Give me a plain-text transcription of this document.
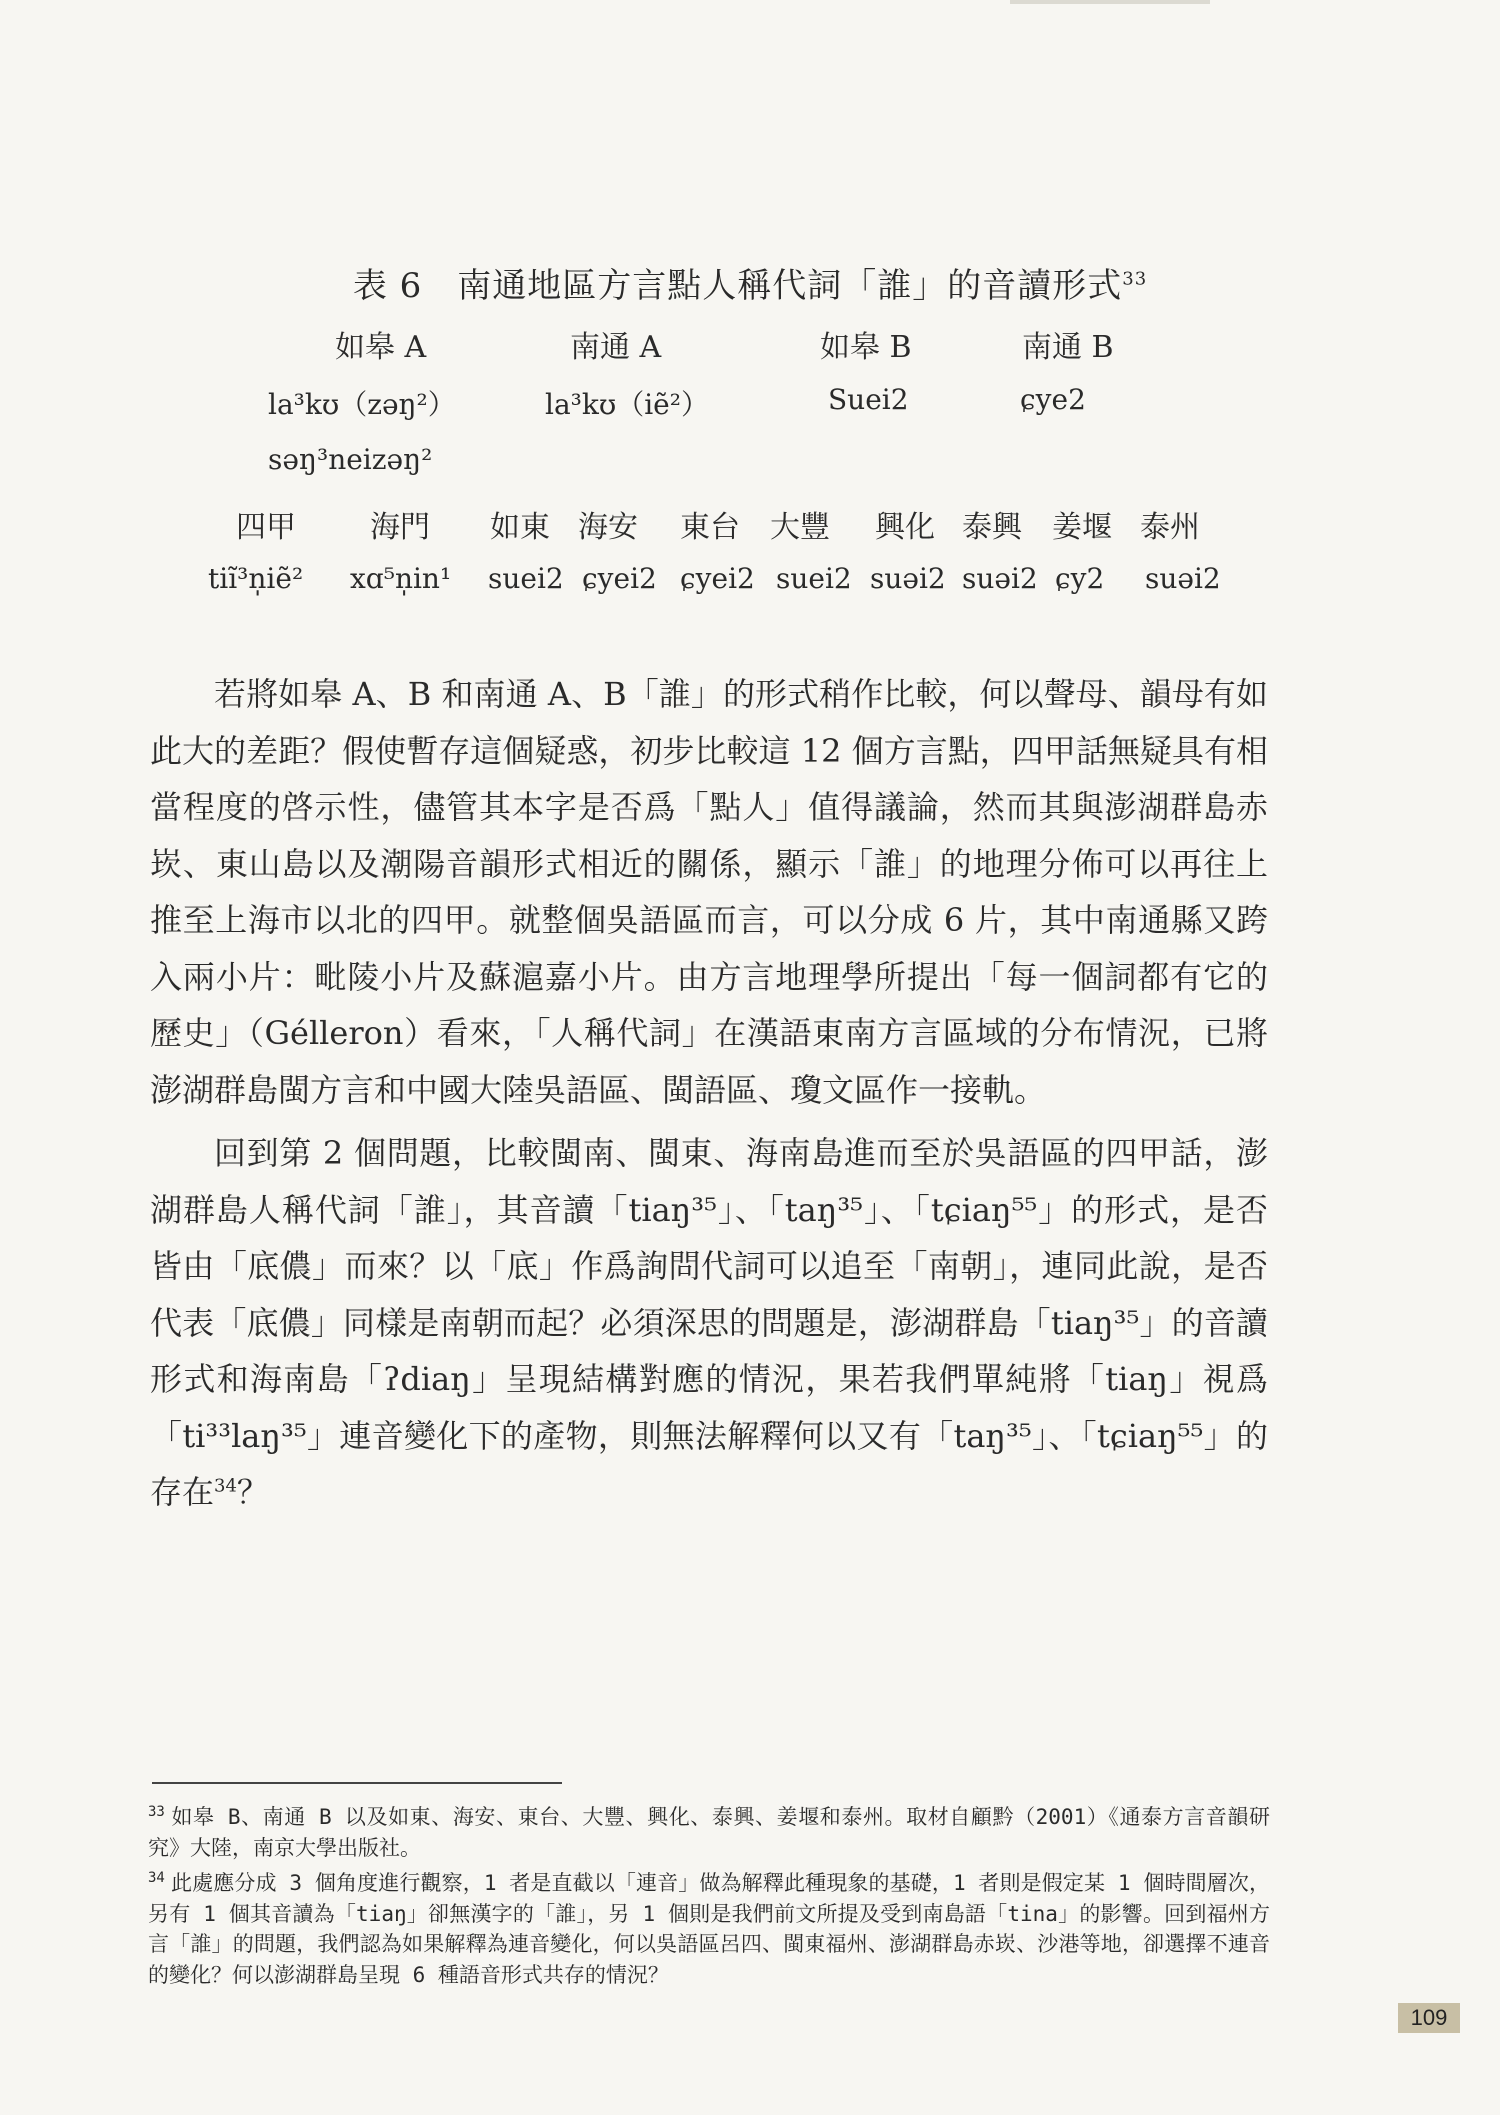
表 6　南通地區方言點人稱代詞「誰」的音讀形式$^{33}$
如皋 A	南通 A	如皋 B	南通 B
la³kʊ（zəŋ²）	la³kʊ（iẽ²）	Suei2	ɕye2
səŋ³neizəŋ²
四甲 海門 如東 海安 東台 大豐 興化 泰興 姜堰 泰州
tiĩ³n̩iẽ² xɑ⁵n̩in¹ suei2 ɕyei2 ɕyei2 suei2 suəi2 suəi2 ɕy2 suəi2

若將如皋 A、B 和南通 A、B「誰」的形式稍作比較，何以聲母、韻母有如此大的差距？假使暫存這個疑惑，初步比較這 12 個方言點，四甲話無疑具有相當程度的啓示性，儘管其本字是否爲「點人」值得議論，然而其與澎湖群島赤崁、東山島以及潮陽音韻形式相近的關係，顯示「誰」的地理分佈可以再往上推至上海市以北的四甲。就整個吳語區而言，可以分成 6 片，其中南通縣又跨入兩小片：毗陵小片及蘇滬嘉小片。由方言地理學所提出「每一個詞都有它的歷史」（Gélleron）看來，「人稱代詞」在漢語東南方言區域的分布情況，已將澎湖群島閩方言和中國大陸吳語區、閩語區、瓊文區作一接軌。

回到第 2 個問題，比較閩南、閩東、海南島進而至於吳語區的四甲話，澎湖群島人稱代詞「誰」，其音讀「tiaŋ³⁵」、「taŋ³⁵」、「tɕiaŋ⁵⁵」的形式，是否皆由「底儂」而來？以「底」作爲詢問代詞可以追至「南朝」，連同此說，是否代表「底儂」同樣是南朝而起？必須深思的問題是，澎湖群島「tiaŋ³⁵」的音讀形式和海南島「ʔdiaŋ」呈現結構對應的情況，果若我們單純將「tiaŋ」視爲「ti³³laŋ³⁵」連音變化下的產物，則無法解釋何以又有「taŋ³⁵」、「tɕiaŋ⁵⁵」的存在$^{34}$？

$^{33}$ 如皋 B、南通 B 以及如東、海安、東台、大豐、興化、泰興、姜堰和泰州。取材自顧黔（2001）《通泰方言音韻研究》大陸，南京大學出版社。

$^{34}$ 此處應分成 3 個角度進行觀察，1 者是直截以「連音」做為解釋此種現象的基礎，1 者則是假定某 1 個時間層次，另有 1 個其音讀為「tiaŋ」卻無漢字的「誰」，另 1 個則是我們前文所提及受到南島語「tina」的影響。回到福州方言「誰」的問題，我們認為如果解釋為連音變化，何以吳語區呂四、閩東福州、澎湖群島赤崁、沙港等地，卻選擇不連音的變化？何以澎湖群島呈現 6 種語音形式共存的情況？

109
